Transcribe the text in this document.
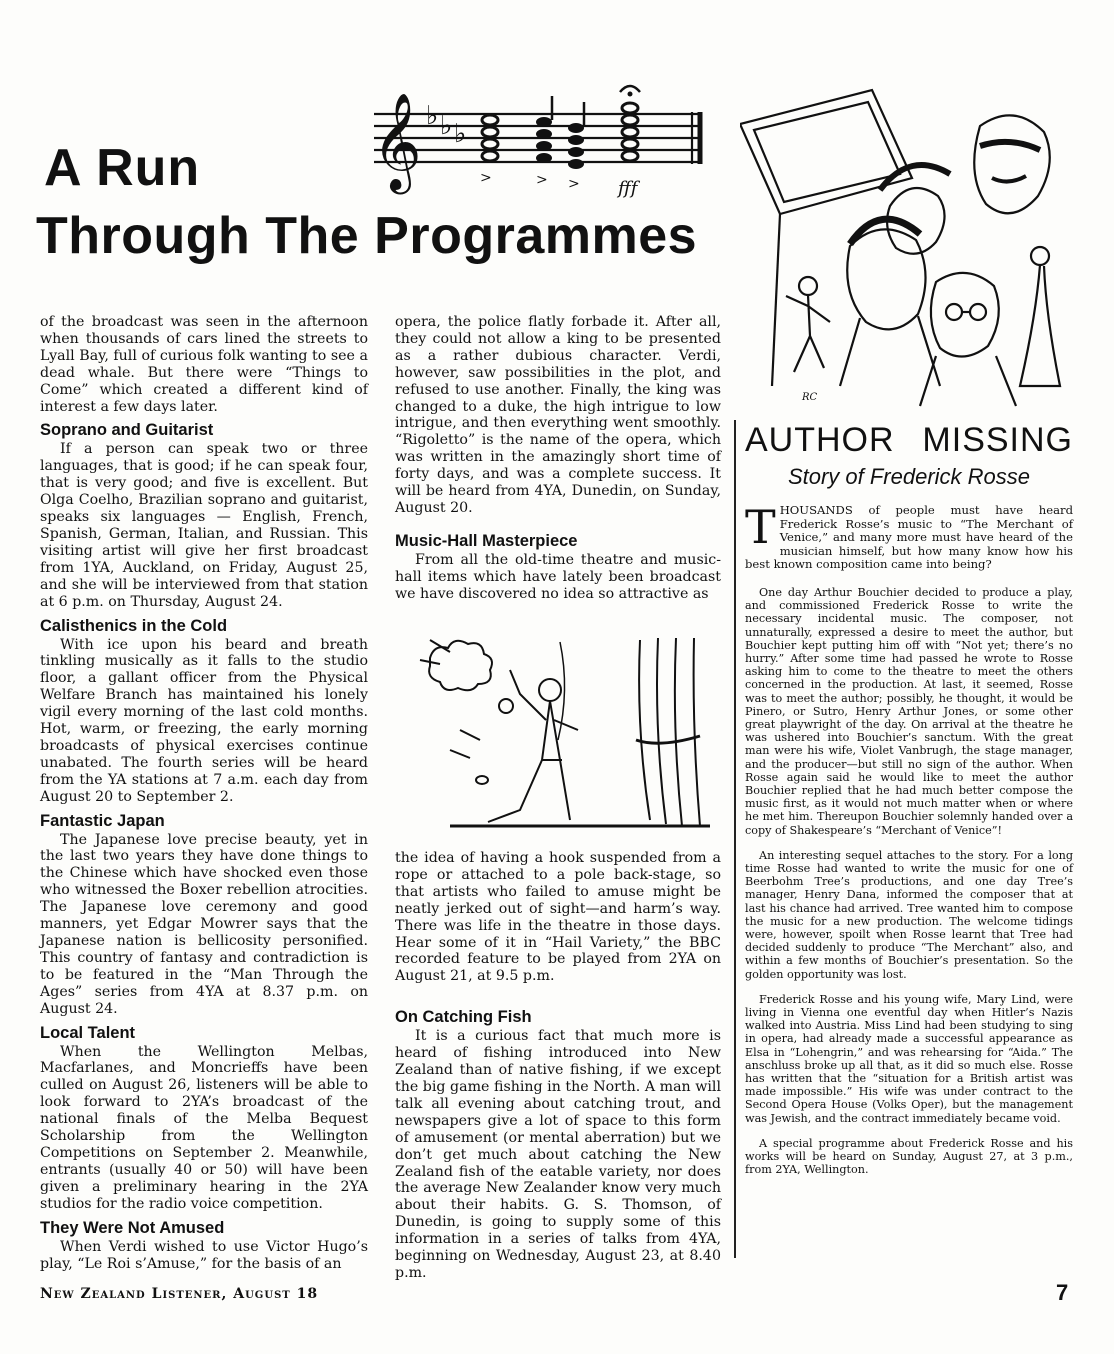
A Run
Through The Programmes
𝄞 ♭ ♭ ♭
>	> > fff

of the broadcast was seen in the afternoon when thousands of cars lined the streets to Lyall Bay, full of curious folk wanting to see a dead whale. But there were “Things to Come” which created a different kind of interest a few days later.

Soprano and Guitarist

If a person can speak two or three languages, that is good; if he can speak four, that is very good; and five is excellent. But Olga Coelho, Brazilian soprano and guitarist, speaks six languages — English, French, Spanish, German, Italian, and Russian. This visiting artist will give her first broadcast from 1YA, Auckland, on Friday, August 25, and she will be interviewed from that station at 6 p.m. on Thursday, August 24.

Calisthenics in the Cold

With ice upon his beard and breath tinkling musically as it falls to the studio floor, a gallant officer from the Physical Welfare Branch has maintained his lonely vigil every morning of the last cold months. Hot, warm, or freezing, the early morning broadcasts of physical exercises continue unabated. The fourth series will be heard from the YA stations at 7 a.m. each day from August 20 to September 2.

Fantastic Japan

The Japanese love precise beauty, yet in the last two years they have done things to the Chinese which have shocked even those who witnessed the Boxer rebellion atrocities. The Japanese love ceremony and good manners, yet Edgar Mowrer says that the Japanese nation is bellicosity personified. This country of fantasy and contradiction is to be featured in the “Man Through the Ages” series from 4YA at 8.37 p.m. on August 24.

Local Talent

When the Wellington Melbas, Macfarlanes, and Moncrieffs have been culled on August 26, listeners will be able to look forward to 2YA’s broadcast of the national finals of the Melba Bequest Scholarship from the Wellington Competitions on September 2. Meanwhile, entrants (usually 40 or 50) will have been given a preliminary hearing in the 2YA studios for the radio voice competition.

They Were Not Amused

When Verdi wished to use Victor Hugo’s play, “Le Roi s’Amuse,” for the basis of an

opera, the police flatly forbade it. After all, they could not allow a king to be presented as a rather dubious character. Verdi, however, saw possibilities in the plot, and refused to use another. Finally, the king was changed to a duke, the high intrigue to low intrigue, and then everything went smoothly. “Rigoletto” is the name of the opera, which was written in the amazingly short time of forty days, and was a complete success. It will be heard from 4YA, Dunedin, on Sunday, August 20.

Music-Hall Masterpiece

From all the old-time theatre and music-hall items which have lately been broadcast we have discovered no idea so attractive as

the idea of having a hook suspended from a rope or attached to a pole back-stage, so that artists who failed to amuse might be neatly jerked out of sight—and harm’s way. There was life in the theatre in those days. Hear some of it in “Hail Variety,” the BBC recorded feature to be played from 2YA on August 21, at 9.5 p.m.

On Catching Fish

It is a curious fact that much more is heard of fishing introduced into New Zealand than of native fishing, if we except the big game fishing in the North. A man will talk all evening about catching trout, and newspapers give a lot of space to this form of amusement (or mental aberration) but we don’t get much about catching the New Zealand fish of the eatable variety, nor does the average New Zealander know very much about their habits. G. S. Thomson, of Dunedin, is going to supply some of this information in a series of talks from 4YA, beginning on Wednesday, August 23, at 8.40 p.m.

RC
AUTHOR MISSING
Story of Frederick Rosse

THOUSANDS of people must have heard Frederick Rosse’s music to “The Merchant of Venice,” and many more must have heard of the musician himself, but how many know how his best known composition came into being?

One day Arthur Bouchier decided to produce a play, and commissioned Frederick Rosse to write the necessary incidental music. The composer, not unnaturally, expressed a desire to meet the author, but Bouchier kept putting him off with “Not yet; there’s no hurry.” After some time had passed he wrote to Rosse asking him to come to the theatre to meet the others concerned in the production. At last, it seemed, Rosse was to meet the author; possibly, he thought, it would be Pinero, or Sutro, Henry Arthur Jones, or some other great playwright of the day. On arrival at the theatre he was ushered into Bouchier’s sanctum. With the great man were his wife, Violet Vanbrugh, the stage manager, and the producer—but still no sign of the author. When Rosse again said he would like to meet the author Bouchier replied that he had much better compose the music first, as it would not much matter when or where he met him. Thereupon Bouchier solemnly handed over a copy of Shakespeare’s “Merchant of Venice”!

An interesting sequel attaches to the story. For a long time Rosse had wanted to write the music for one of Beerbohm Tree’s productions, and one day Tree’s manager, Henry Dana, informed the composer that at last his chance had arrived. Tree wanted him to compose the music for a new production. The welcome tidings were, however, spoilt when Rosse learnt that Tree had decided suddenly to produce “The Merchant” also, and within a few months of Bouchier’s presentation. So the golden opportunity was lost.

Frederick Rosse and his young wife, Mary Lind, were living in Vienna one eventful day when Hitler’s Nazis walked into Austria. Miss Lind had been studying to sing in opera, had already made a successful appearance as Elsa in “Lohengrin,” and was rehearsing for “Aida.” The anschluss broke up all that, as it did so much else. Rosse has written that the “situation for a British artist was made impossible.” His wife was under contract to the Second Opera House (Volks Oper), but the management was Jewish, and the contract immediately became void.

A special programme about Frederick Rosse and his works will be heard on Sunday, August 27, at 3 p.m., from 2YA, Wellington.

New Zealand Listener, August 18	7
